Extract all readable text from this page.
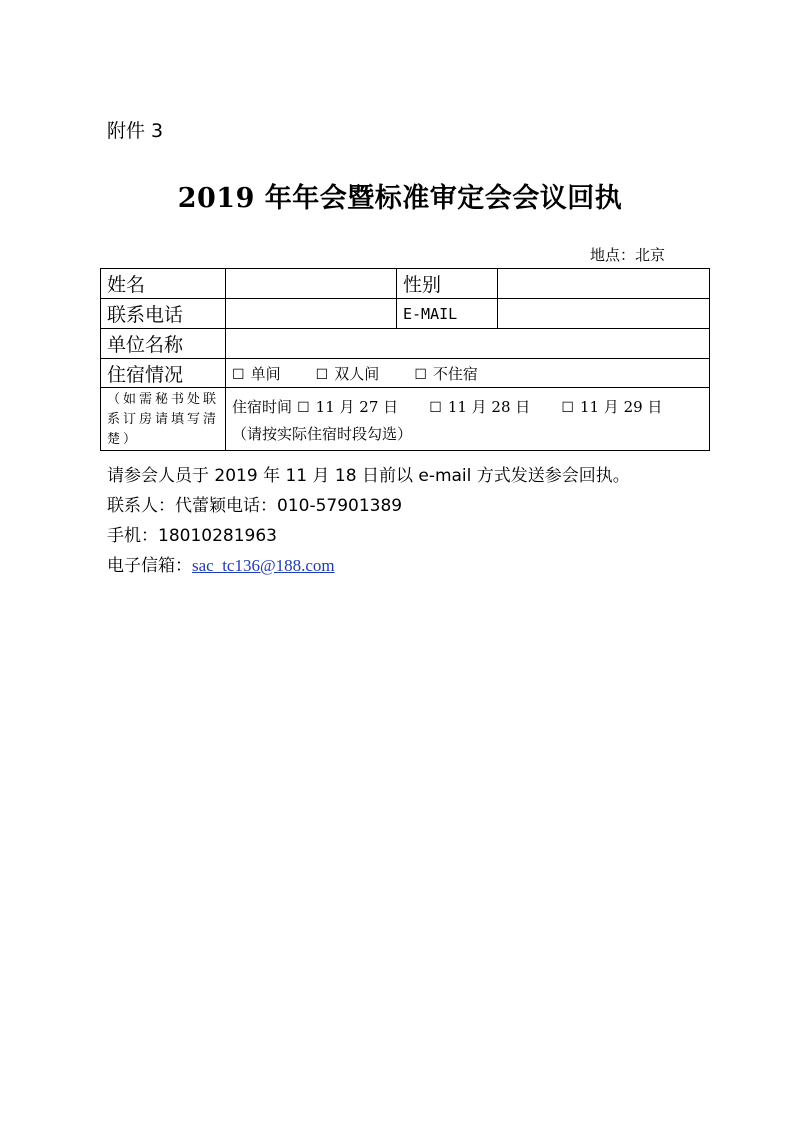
附件 3
2019 年年会暨标准审定会会议回执
地点：北京
姓名		性别	
联系电话		E-MAIL	
单位名称			
住宿情况	☐ 单间 ☐ 双人间 ☐ 不住宿		
（如需秘书处联系订房请填写清楚）	住宿时间 ☐ 11 月 27 日 ☐ 11 月 28 日 ☐ 11 月 29 日
（请按实际住宿时段勾选）		
请参会人员于 2019 年 11 月 18 日前以 e-mail 方式发送参会回执。
联系人：代蕾颖电话：010-57901389
手机：18010281963
电子信箱：sac_tc136@188.com
